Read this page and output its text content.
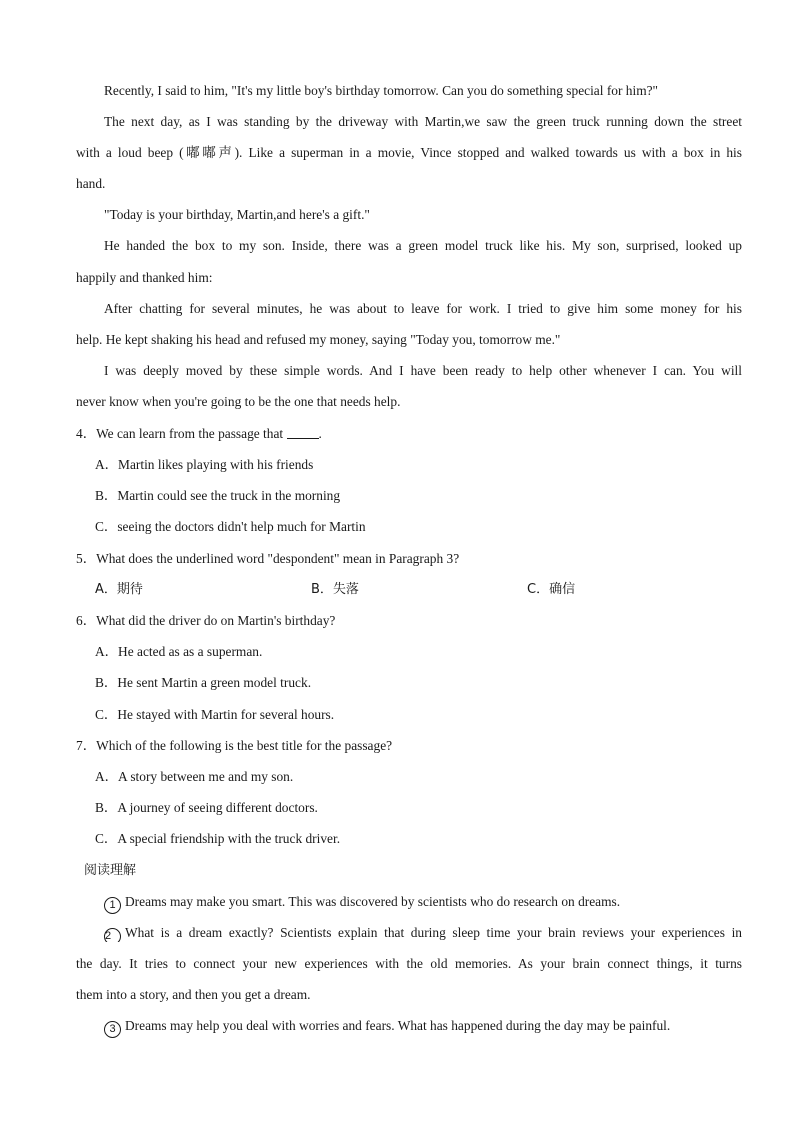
Recently, I said to him, "It's my little boy's birthday tomorrow. Can you do something special for him?"
The next day, as I was standing by the driveway with Martin,we saw the green truck running down the street
with a loud beep (嘟嘟声). Like a superman in a movie, Vince stopped and walked towards us with a box in his
hand.
"Today is your birthday, Martin,and here's a gift."
He handed the box to my son. Inside, there was a green model truck like his. My son, surprised, looked up
happily and thanked him:
After chatting for several minutes, he was about to leave for work. I tried to give him some money for his
help. He kept shaking his head and refused my money, saying "Today you, tomorrow me."
I was deeply moved by these simple words. And I have been ready to help other whenever I can. You will
never know when you're going to be the one that needs help.
4．We can learn from the passage that	.
A．Martin likes playing with his friends
B．Martin could see the truck in the morning
C．seeing the doctors didn't help much for Martin
5．What does the underlined word "despondent" mean in Paragraph 3?
A．期待	B．失落	C．确信
6．What did the driver do on Martin's birthday?
A．He acted as as a superman.
B．He sent Martin a green model truck.
C．He stayed with Martin for several hours.
7．Which of the following is the best title for the passage?
A．A story between me and my son.
B．A journey of seeing different doctors.
C．A special friendship with the truck driver.
阅读理解
1 Dreams may make you smart. This was discovered by scientists who do research on dreams.
2 What is a dream exactly? Scientists explain that during sleep time your brain reviews your experiences in
the day. It tries to connect your new experiences with the old memories. As your brain connect things, it turns
them into a story, and then you get a dream.
3 Dreams may help you deal with worries and fears. What has happened during the day may be painful.
